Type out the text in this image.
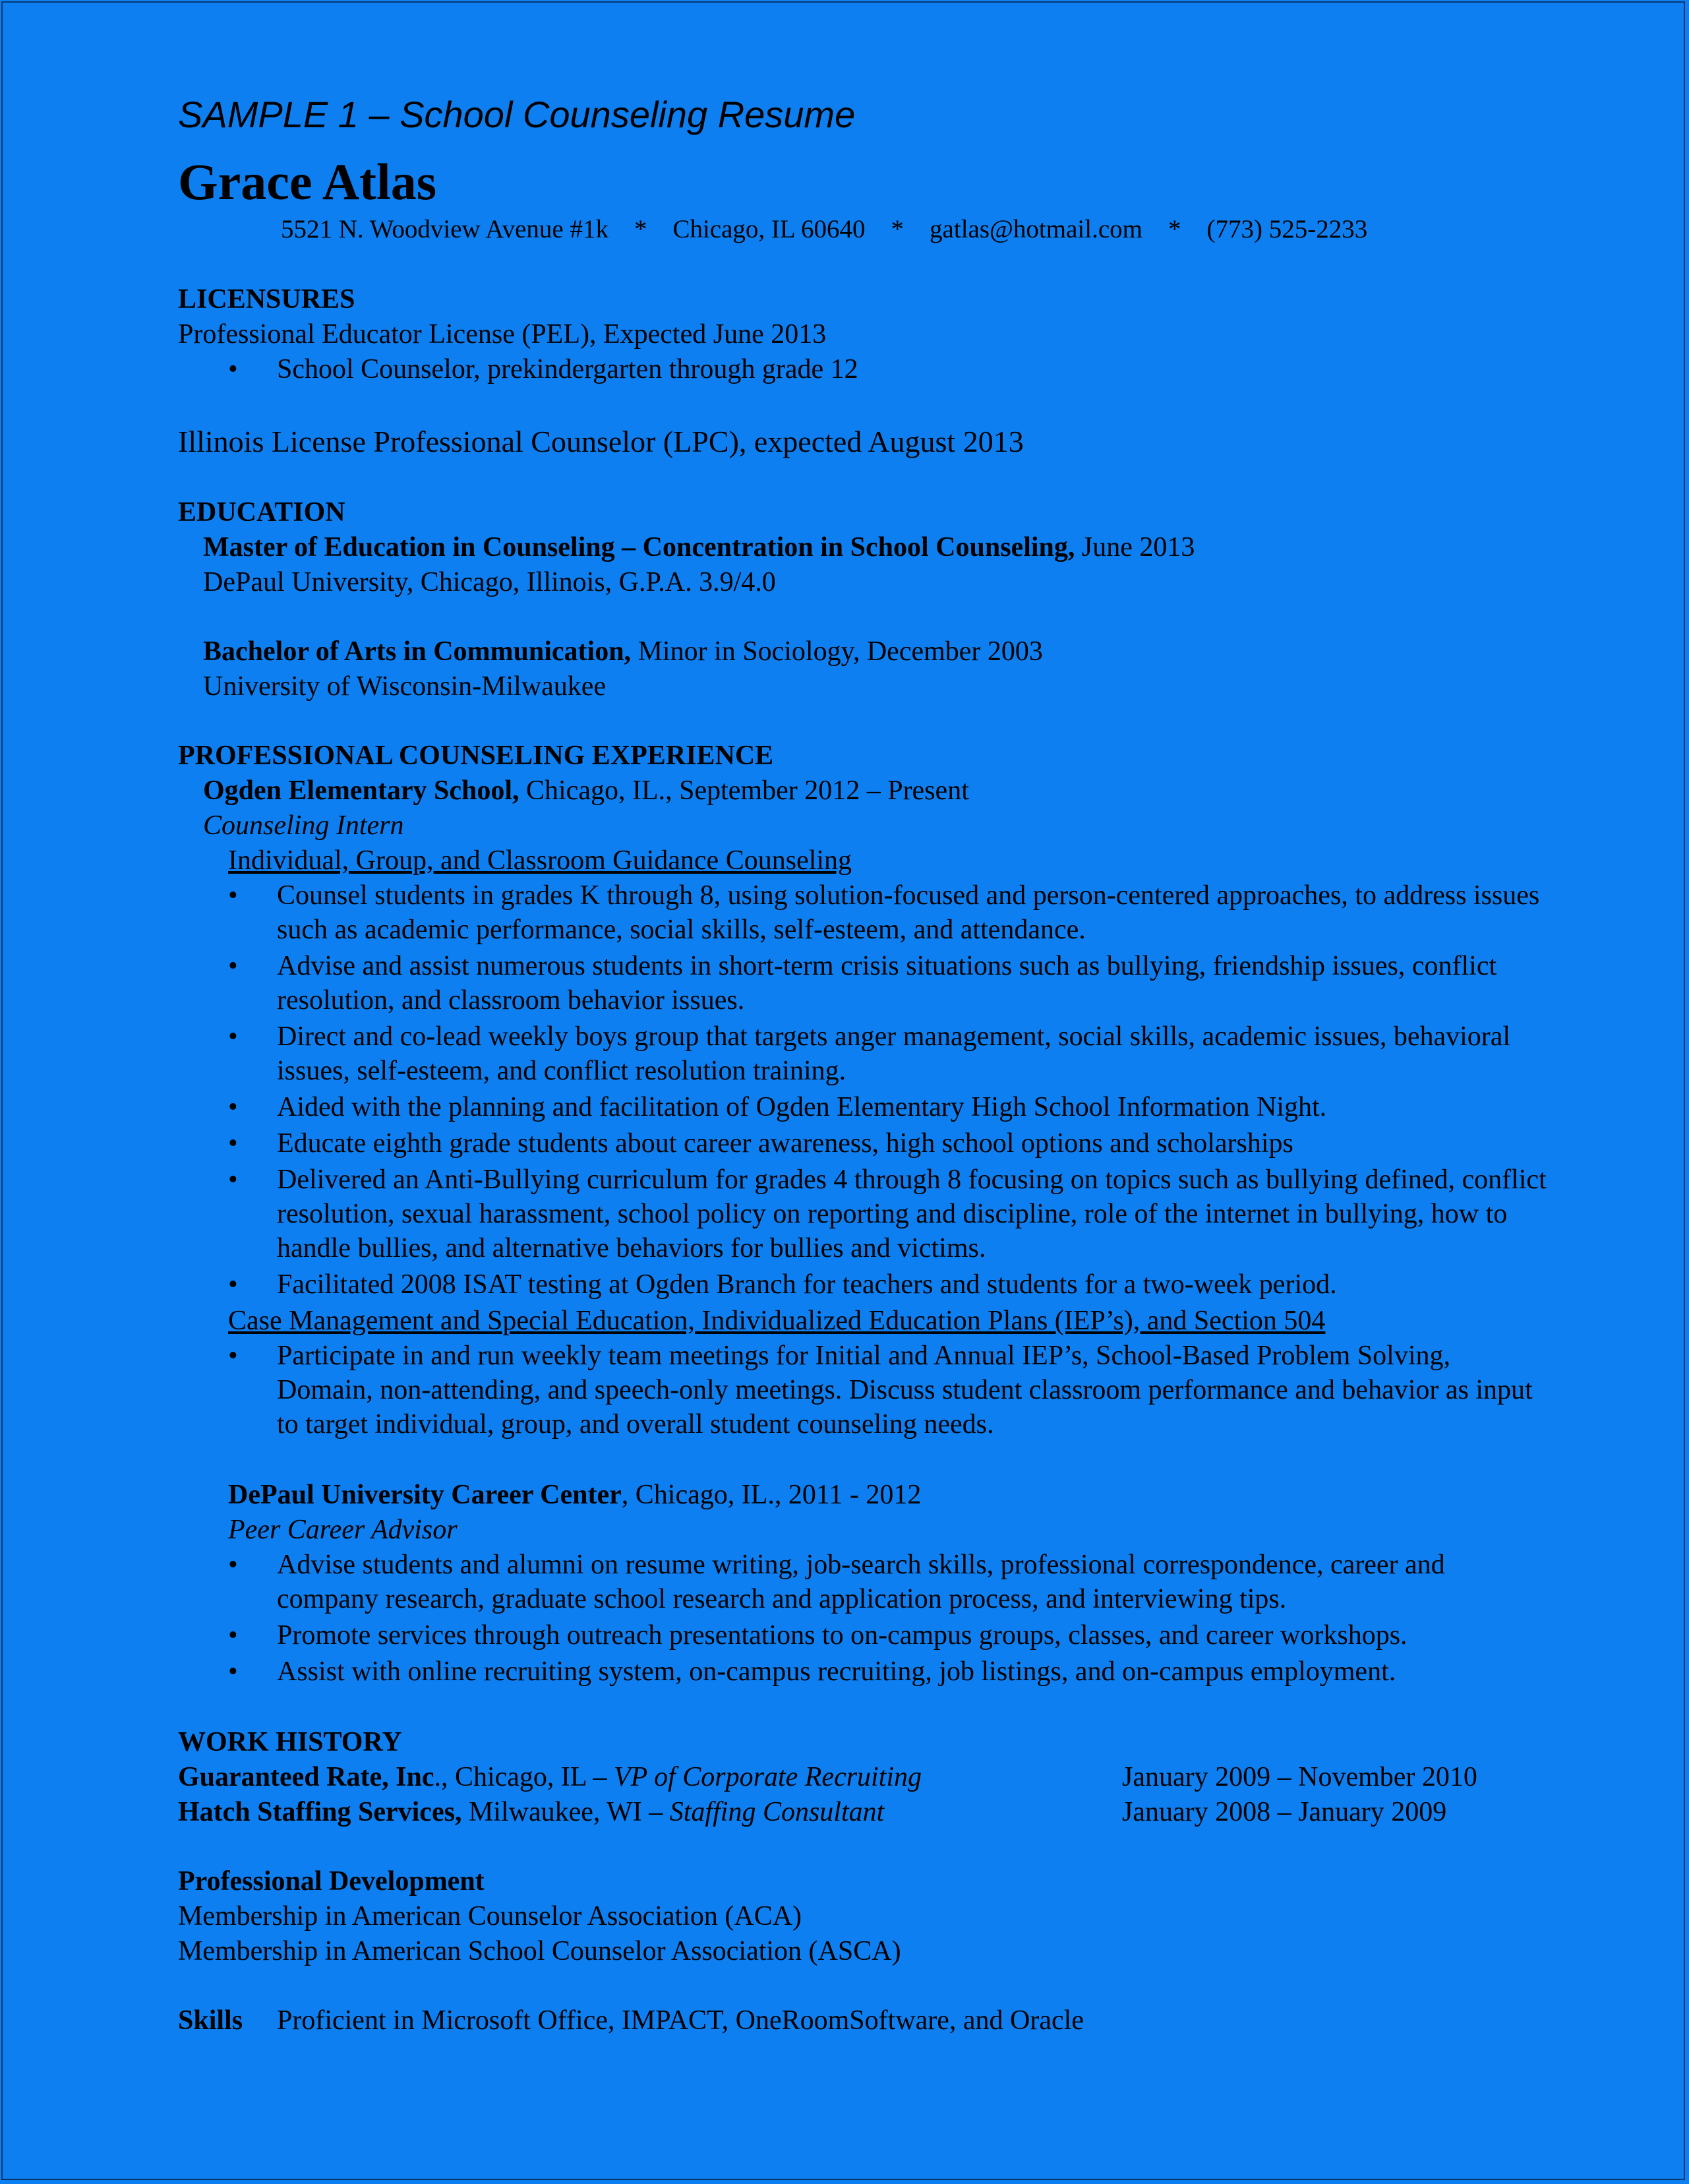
SAMPLE 1 – School Counseling Resume
Grace Atlas
5521 N. Woodview Avenue #1k * Chicago, IL 60640 * gatlas@hotmail.com * (773) 525-2233
LICENSURES
Professional Educator License (PEL), Expected June 2013
• School Counselor, prekindergarten through grade 12
Illinois License Professional Counselor (LPC), expected August 2013
EDUCATION
Master of Education in Counseling – Concentration in School Counseling, June 2013
DePaul University, Chicago, Illinois, G.P.A. 3.9/4.0
Bachelor of Arts in Communication, Minor in Sociology, December 2003
University of Wisconsin-Milwaukee
PROFESSIONAL COUNSELING EXPERIENCE
Ogden Elementary School, Chicago, IL., September 2012 – Present
Counseling Intern
Individual, Group, and Classroom Guidance Counseling
• Counsel students in grades K through 8, using solution-focused and person-centered approaches, to address issues such as academic performance, social skills, self-esteem, and attendance.
• Advise and assist numerous students in short-term crisis situations such as bullying, friendship issues, conflict resolution, and classroom behavior issues.
• Direct and co-lead weekly boys group that targets anger management, social skills, academic issues, behavioral issues, self-esteem, and conflict resolution training.
• Aided with the planning and facilitation of Ogden Elementary High School Information Night.
• Educate eighth grade students about career awareness, high school options and scholarships
• Delivered an Anti-Bullying curriculum for grades 4 through 8 focusing on topics such as bullying defined, conflict resolution, sexual harassment, school policy on reporting and discipline, role of the internet in bullying, how to handle bullies, and alternative behaviors for bullies and victims.
• Facilitated 2008 ISAT testing at Ogden Branch for teachers and students for a two-week period.
Case Management and Special Education, Individualized Education Plans (IEP’s), and Section 504
• Participate in and run weekly team meetings for Initial and Annual IEP’s, School-Based Problem Solving, Domain, non-attending, and speech-only meetings. Discuss student classroom performance and behavior as input to target individual, group, and overall student counseling needs.
DePaul University Career Center, Chicago, IL., 2011 - 2012
Peer Career Advisor
• Advise students and alumni on resume writing, job-search skills, professional correspondence, career and company research, graduate school research and application process, and interviewing tips.
• Promote services through outreach presentations to on-campus groups, classes, and career workshops.
• Assist with online recruiting system, on-campus recruiting, job listings, and on-campus employment.
WORK HISTORY
Guaranteed Rate, Inc., Chicago, IL – VP of Corporate Recruiting	January 2009 – November 2010
Hatch Staffing Services, Milwaukee, WI – Staffing Consultant	January 2008 – January 2009
Professional Development
Membership in American Counselor Association (ACA)
Membership in American School Counselor Association (ASCA)
Skills	Proficient in Microsoft Office, IMPACT, OneRoomSoftware, and Oracle
